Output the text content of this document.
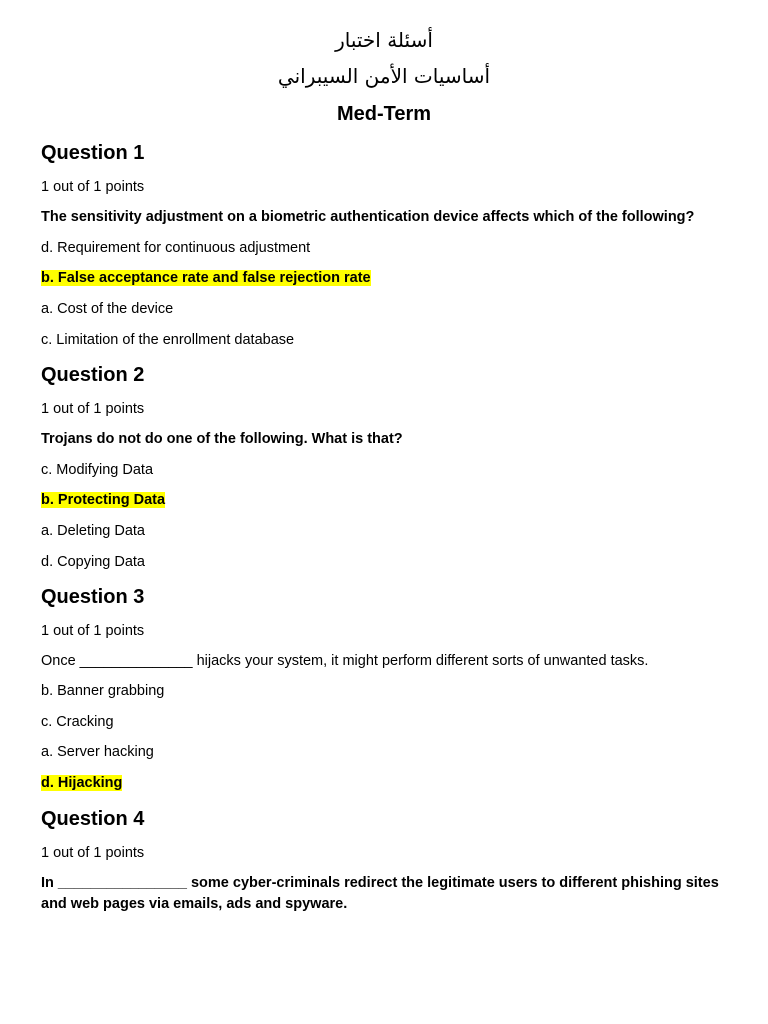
أسئلة اختبار
أساسيات الأمن السيبراني
Med-Term
Question 1
1 out of 1 points
The sensitivity adjustment on a biometric authentication device affects which of the following?
d. Requirement for continuous adjustment
b. False acceptance rate and false rejection rate
a. Cost of the device
c. Limitation of the enrollment database
Question 2
1 out of 1 points
Trojans do not do one of the following. What is that?
c. Modifying Data
b. Protecting Data
a. Deleting Data
d. Copying Data
Question 3
1 out of 1 points
Once ______________ hijacks your system, it might perform different sorts of unwanted tasks.
b. Banner grabbing
c. Cracking
a. Server hacking
d. Hijacking
Question 4
1 out of 1 points
In ________________ some cyber-criminals redirect the legitimate users to different phishing sites and web pages via emails, ads and spyware.
